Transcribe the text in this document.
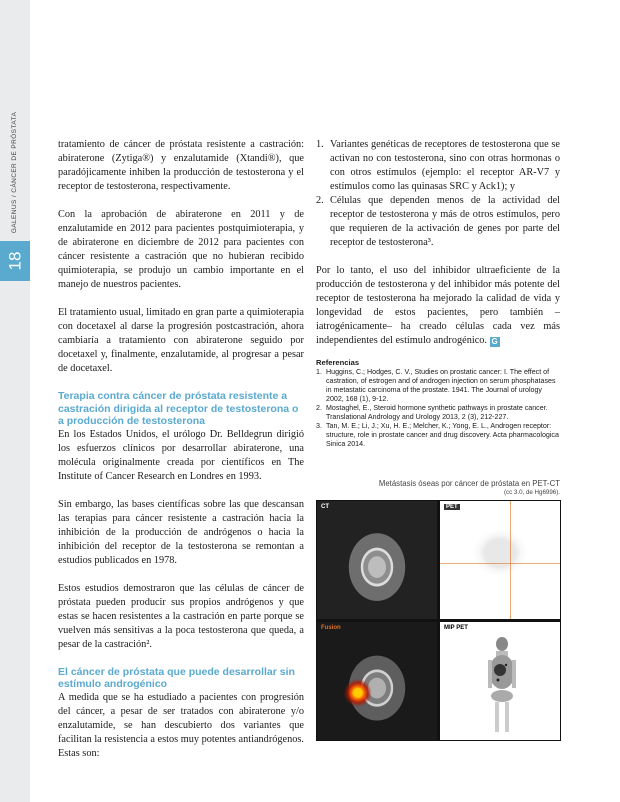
18
GALENUS / CÁNCER DE PRÓSTATA	tratamiento de cáncer de próstata resistente a castración: abiraterone (Zytiga®) y enzalutamide (Xtandi®), que paradójicamente inhiben la producción de testosterona y el receptor de testosterona, respectivamente.

Con la aprobación de abiraterone en 2011 y de enzalutamide en 2012 para pacientes postquimioterapia, y de abiraterone en diciembre de 2012 para pacientes con cáncer resistente a castración que no hubieran recibido quimioterapia, se produjo un cambio importante en el manejo de nuestros pacientes.

El tratamiento usual, limitado en gran parte a quimioterapia con docetaxel al darse la progresión postcastración, ahora cambiaría a tratamiento con abiraterone seguido por docetaxel y, finalmente, enzalutamide, al progresar a pesar de docetaxel.

Terapia contra cáncer de próstata resistente a castración dirigida al receptor de testosterona o a producción de testosterona

En los Estados Unidos, el urólogo Dr. Belldegrun dirigió los esfuerzos clínicos por desarrollar abiraterone, una molécula originalmente creada por científicos en The Institute of Cancer Research en Londres en 1993.

Sin embargo, las bases científicas sobre las que descansan las terapias para cáncer resistente a castración hacia la inhibición de la producción de andrógenos o hacia la inhibición del receptor de la testosterona se remontan a estudios publicados en 1978.

Estos estudios demostraron que las células de cáncer de próstata pueden producir sus propios andrógenos y que estas se hacen resistentes a la castración en parte porque se vuelven más sensitivas a la poca testosterona que queda, a pesar de la castración².

El cáncer de próstata que puede desarrollar sin estímulo androgénico

A medida que se ha estudiado a pacientes con progresión del cáncer, a pesar de ser tratados con abiraterone y/o enzalutamide, se han descubierto dos variantes que facilitan la resistencia a estos muy potentes antiandrógenos. Estas son:

1. Variantes genéticas de receptores de testosterona que se activan no con testosterona, sino con otras hormonas o con otros estímulos (ejemplo: el receptor AR-V7 y estímulos como las quinasas SRC y Ack1); y
2. Células que dependen menos de la actividad del receptor de testosterona y más de otros estímulos, pero que requieren de la activación de genes por parte del receptor de testosterona³.

Por lo tanto, el uso del inhibidor ultraeficiente de la producción de testosterona y del inhibidor más potente del receptor de testosterona ha mejorado la calidad de vida y longevidad de estos pacientes, pero también –iatrogénicamente– ha creado células cada vez más independientes del estímulo androgénico. G

Referencias
1. Huggins, C.; Hodges, C. V., Studies on prostatic cancer: I. The effect of castration, of estrogen and of androgen injection on serum phosphatases in metastatic carcinoma of the prostate. 1941. The Journal of urology 2002, 168 (1), 9-12.
2. Mostaghel, E., Steroid hormone synthetic pathways in prostate cancer. Translational Andrology and Urology 2013, 2 (3), 212-227.
3. Tan, M. E.; Li, J.; Xu, H. E.; Melcher, K.; Yong, E. L., Androgen receptor: structure, role in prostate cancer and drug discovery. Acta pharmacologica Sinica 2014.
Metástasis óseas por cáncer de próstata en PET-CT
(cc 3.0, de Hg6996).
CT	PET
Fusion	MIP PET
